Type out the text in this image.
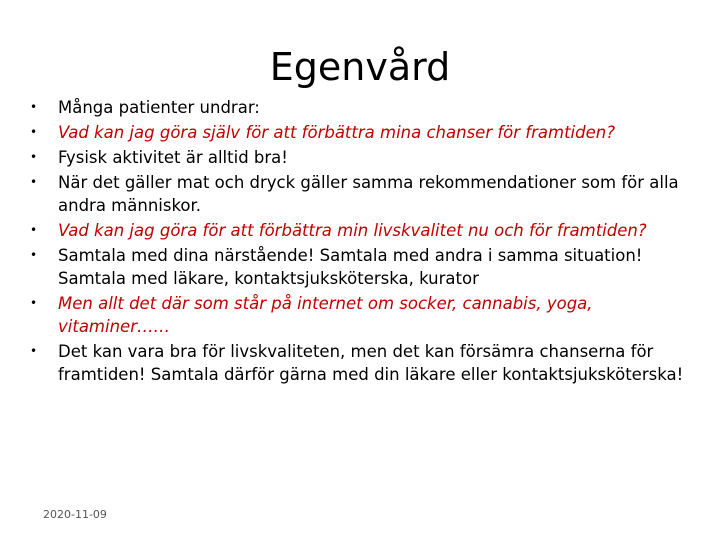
Egenvård
• Många patienter undrar:
• Vad kan jag göra själv för att förbättra mina chanser för framtiden?
• Fysisk aktivitet är alltid bra!
• När det gäller mat och dryck gäller samma rekommendationer som för alla andra människor.
• Vad kan jag göra för att förbättra min livskvalitet nu och för framtiden?
• Samtala med dina närstående! Samtala med andra i samma situation! Samtala med läkare, kontaktsjuksköterska, kurator
• Men allt det där som står på internet om socker, cannabis, yoga, vitaminer……
• Det kan vara bra för livskvaliteten, men det kan försämra chanserna för framtiden! Samtala därför gärna med din läkare eller kontaktsjuksköterska!
2020-11-09
